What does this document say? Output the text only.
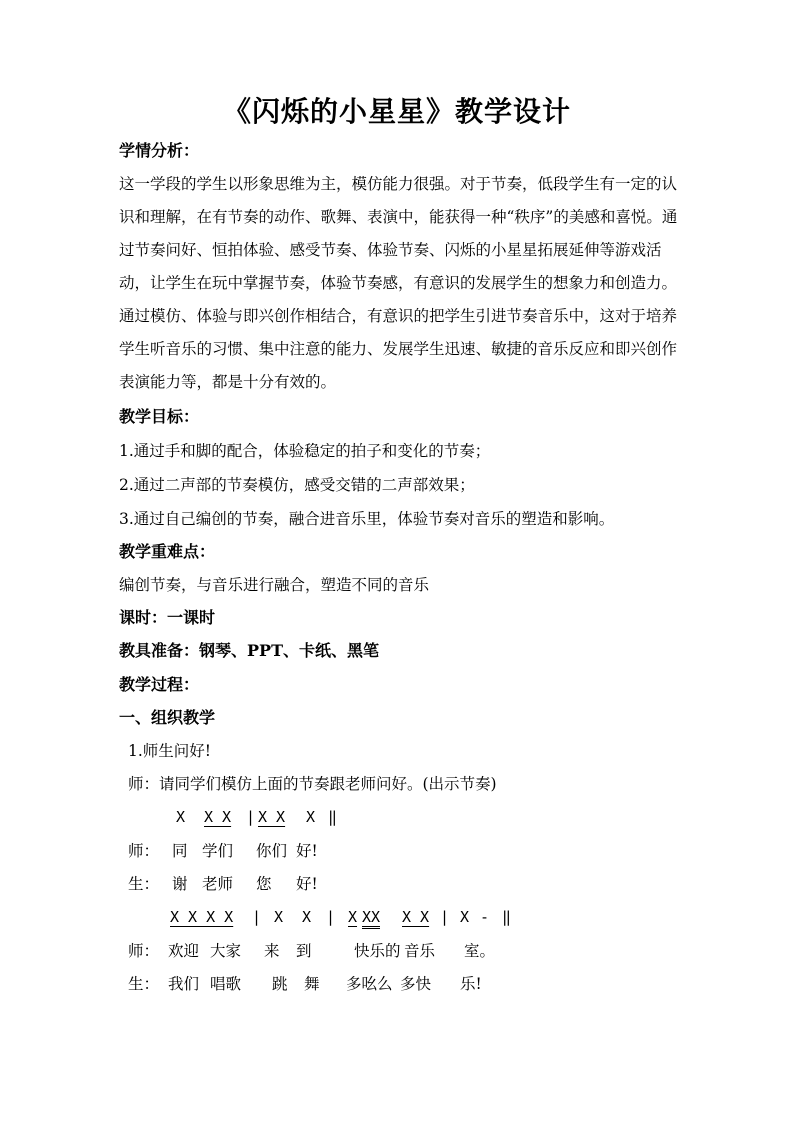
《闪烁的小星星》教学设计
学情分析：
这一学段的学生以形象思维为主，模仿能力很强。对于节奏，低段学生有一定的认识和理解，在有节奏的动作、歌舞、表演中，能获得一种“秩序”的美感和喜悦。通过节奏问好、恒拍体验、感受节奏、体验节奏、闪烁的小星星拓展延伸等游戏活动，让学生在玩中掌握节奏，体验节奏感，有意识的发展学生的想象力和创造力。通过模仿、体验与即兴创作相结合，有意识的把学生引进节奏音乐中，这对于培养学生听音乐的习惯、集中注意的能力、发展学生迅速、敏捷的音乐反应和即兴创作表演能力等，都是十分有效的。
教学目标：
1.通过手和脚的配合，体验稳定的拍子和变化的节奏；
2.通过二声部的节奏模仿，感受交错的二声部效果；
3.通过自己编创的节奏，融合进音乐里，体验节奏对音乐的塑造和影响。
教学重难点：
编创节奏，与音乐进行融合，塑造不同的音乐
课时：一课时
教具准备：钢琴、PPT、卡纸、黑笔
教学过程：
一、组织教学
1.师生问好!
师：请同学们模仿上面的节奏跟老师问好。(出示节奏)
X X X | X X X ‖
师： 同 学们 你们 好!
生： 谢 老师 您 好!
X X X X | X X | X XX X X | X - ‖
师： 欢迎 大家 来 到	快乐的 音乐 室。
生： 我们 唱歌 跳 舞 多吆么 多快 乐!
